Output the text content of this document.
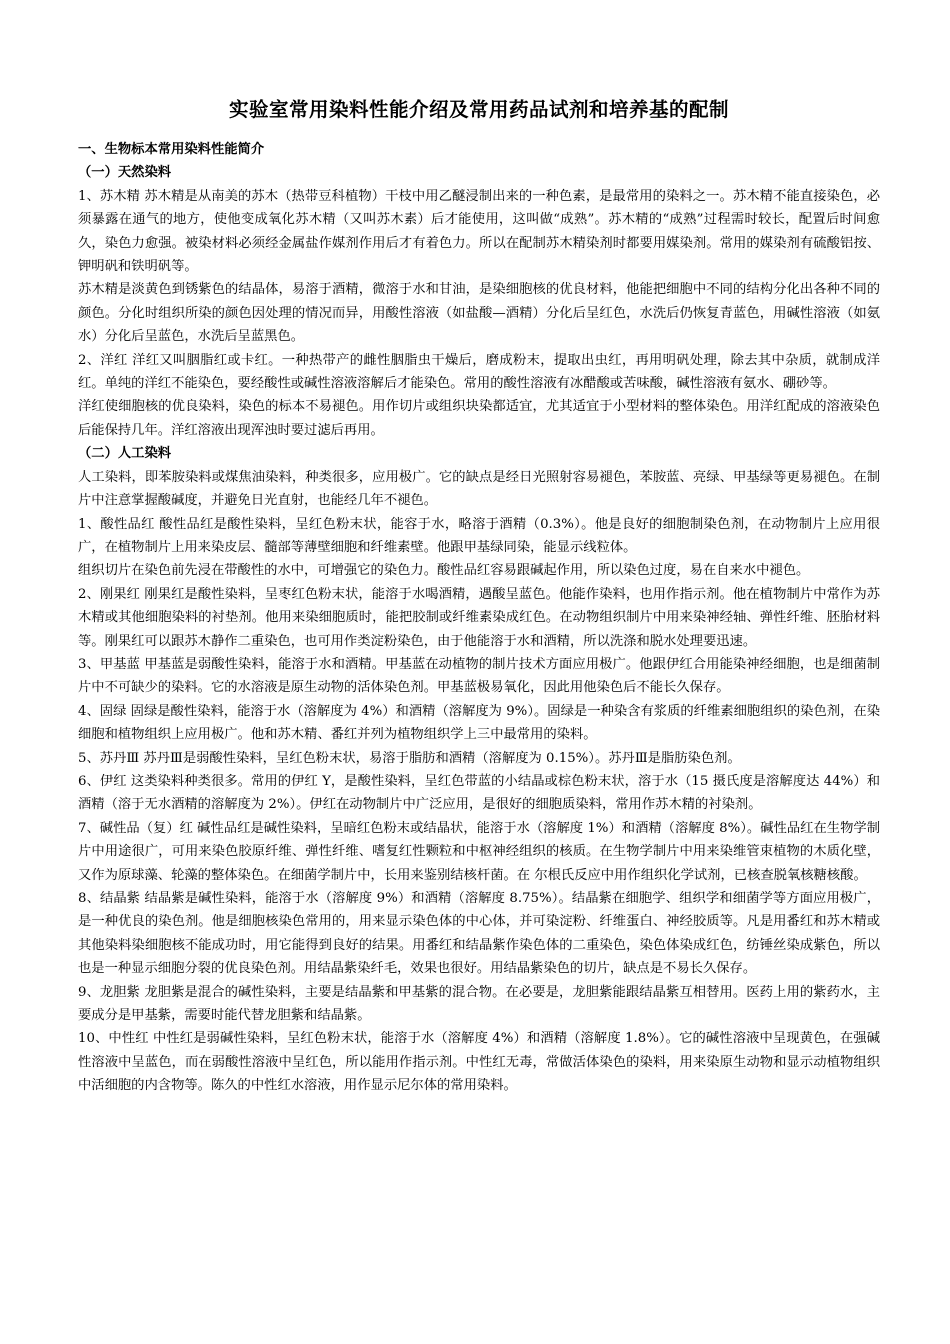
实验室常用染料性能介绍及常用药品试剂和培养基的配制
一、生物标本常用染料性能简介
（一）天然染料

1、苏木精 苏木精是从南美的苏木（热带豆科植物）干枝中用乙醚浸制出来的一种色素，是最常用的染料之一。苏木精不能直接染色，必须暴露在通气的地方，使他变成氧化苏木精（又叫苏木素）后才能使用，这叫做“成熟”。苏木精的“成熟”过程需时较长，配置后时间愈久，染色力愈强。被染材料必须经金属盐作媒剂作用后才有着色力。所以在配制苏木精染剂时都要用媒染剂。常用的媒染剂有硫酸铝按、钾明矾和铁明矾等。

苏木精是淡黄色到锈紫色的结晶体，易溶于酒精，微溶于水和甘油，是染细胞核的优良材料，他能把细胞中不同的结构分化出各种不同的颜色。分化时组织所染的颜色因处理的情况而异，用酸性溶液（如盐酸—酒精）分化后呈红色，水洗后仍恢复青蓝色，用碱性溶液（如氨水）分化后呈蓝色，水洗后呈蓝黑色。

2、洋红 洋红又叫胭脂红或卡红。一种热带产的雌性胭脂虫干燥后，磨成粉末，提取出虫红，再用明矾处理，除去其中杂质，就制成洋红。单纯的洋红不能染色，要经酸性或碱性溶液溶解后才能染色。常用的酸性溶液有冰醋酸或苦味酸，碱性溶液有氨水、硼砂等。

洋红使细胞核的优良染料，染色的标本不易褪色。用作切片或组织块染都适宜，尤其适宜于小型材料的整体染色。用洋红配成的溶液染色后能保持几年。洋红溶液出现浑浊时要过滤后再用。

（二）人工染料

人工染料，即苯胺染料或煤焦油染料，种类很多，应用极广。它的缺点是经日光照射容易褪色，苯胺蓝、亮绿、甲基绿等更易褪色。在制片中注意掌握酸碱度，并避免日光直射，也能经几年不褪色。

1、酸性品红 酸性品红是酸性染料，呈红色粉末状，能容于水，略溶于酒精（0.3%）。他是良好的细胞制染色剂，在动物制片上应用很广，在植物制片上用来染皮层、髓部等薄壁细胞和纤维素壁。他跟甲基绿同染，能显示线粒体。

组织切片在染色前先浸在带酸性的水中，可增强它的染色力。酸性品红容易跟碱起作用，所以染色过度，易在自来水中褪色。

2、刚果红 刚果红是酸性染料，呈枣红色粉末状，能溶于水喝酒精，遇酸呈蓝色。他能作染料，也用作指示剂。他在植物制片中常作为苏木精或其他细胞染料的衬垫剂。他用来染细胞质时，能把胶制或纤维素染成红色。在动物组织制片中用来染神经轴、弹性纤维、胚胎材料等。刚果红可以跟苏木静作二重染色，也可用作类淀粉染色，由于他能溶于水和酒精，所以洗涤和脱水处理要迅速。

3、甲基蓝 甲基蓝是弱酸性染料，能溶于水和酒精。甲基蓝在动植物的制片技术方面应用极广。他跟伊红合用能染神经细胞，也是细菌制片中不可缺少的染料。它的水溶液是原生动物的活体染色剂。甲基蓝极易氧化，因此用他染色后不能长久保存。

4、固绿 固绿是酸性染料，能溶于水（溶解度为 4%）和酒精（溶解度为 9%）。固绿是一种染含有浆质的纤维素细胞组织的染色剂，在染细胞和植物组织上应用极广。他和苏木精、番红并列为植物组织学上三中最常用的染料。

5、苏丹Ⅲ 苏丹Ⅲ是弱酸性染料，呈红色粉末状，易溶于脂肪和酒精（溶解度为 0.15%）。苏丹Ⅲ是脂肪染色剂。

6、伊红 这类染料种类很多。常用的伊红 Y，是酸性染料，呈红色带蓝的小结晶或棕色粉末状，溶于水（15 摄氏度是溶解度达 44%）和酒精（溶于无水酒精的溶解度为 2%）。伊红在动物制片中广泛应用，是很好的细胞质染料，常用作苏木精的衬染剂。

7、碱性品（复）红 碱性品红是碱性染料，呈暗红色粉末或结晶状，能溶于水（溶解度 1%）和酒精（溶解度 8%）。碱性品红在生物学制片中用途很广，可用来染色胶原纤维、弹性纤维、嗜复红性颗粒和中枢神经组织的核质。在生物学制片中用来染维管束植物的木质化壁，又作为原球藻、轮藻的整体染色。在细菌学制片中，长用来鉴别结核杆菌。在 尔根氏反应中用作组织化学试剂，已核查脱氧核糖核酸。

8、结晶紫 结晶紫是碱性染料，能溶于水（溶解度 9%）和酒精（溶解度 8.75%）。结晶紫在细胞学、组织学和细菌学等方面应用极广，是一种优良的染色剂。他是细胞核染色常用的，用来显示染色体的中心体，并可染淀粉、纤维蛋白、神经胶质等。凡是用番红和苏木精或其他染料染细胞核不能成功时，用它能得到良好的结果。用番红和结晶紫作染色体的二重染色，染色体染成红色，纺锤丝染成紫色，所以也是一种显示细胞分裂的优良染色剂。用结晶紫染纤毛，效果也很好。用结晶紫染色的切片，缺点是不易长久保存。

9、龙胆紫 龙胆紫是混合的碱性染料，主要是结晶紫和甲基紫的混合物。在必要是，龙胆紫能跟结晶紫互相替用。医药上用的紫药水，主要成分是甲基紫，需要时能代替龙胆紫和结晶紫。

10、中性红 中性红是弱碱性染料，呈红色粉末状，能溶于水（溶解度 4%）和酒精（溶解度 1.8%）。它的碱性溶液中呈现黄色，在强碱性溶液中呈蓝色，而在弱酸性溶液中呈红色，所以能用作指示剂。中性红无毒，常做活体染色的染料，用来染原生动物和显示动植物组织中活细胞的内含物等。陈久的中性红水溶液，用作显示尼尔体的常用染料。
